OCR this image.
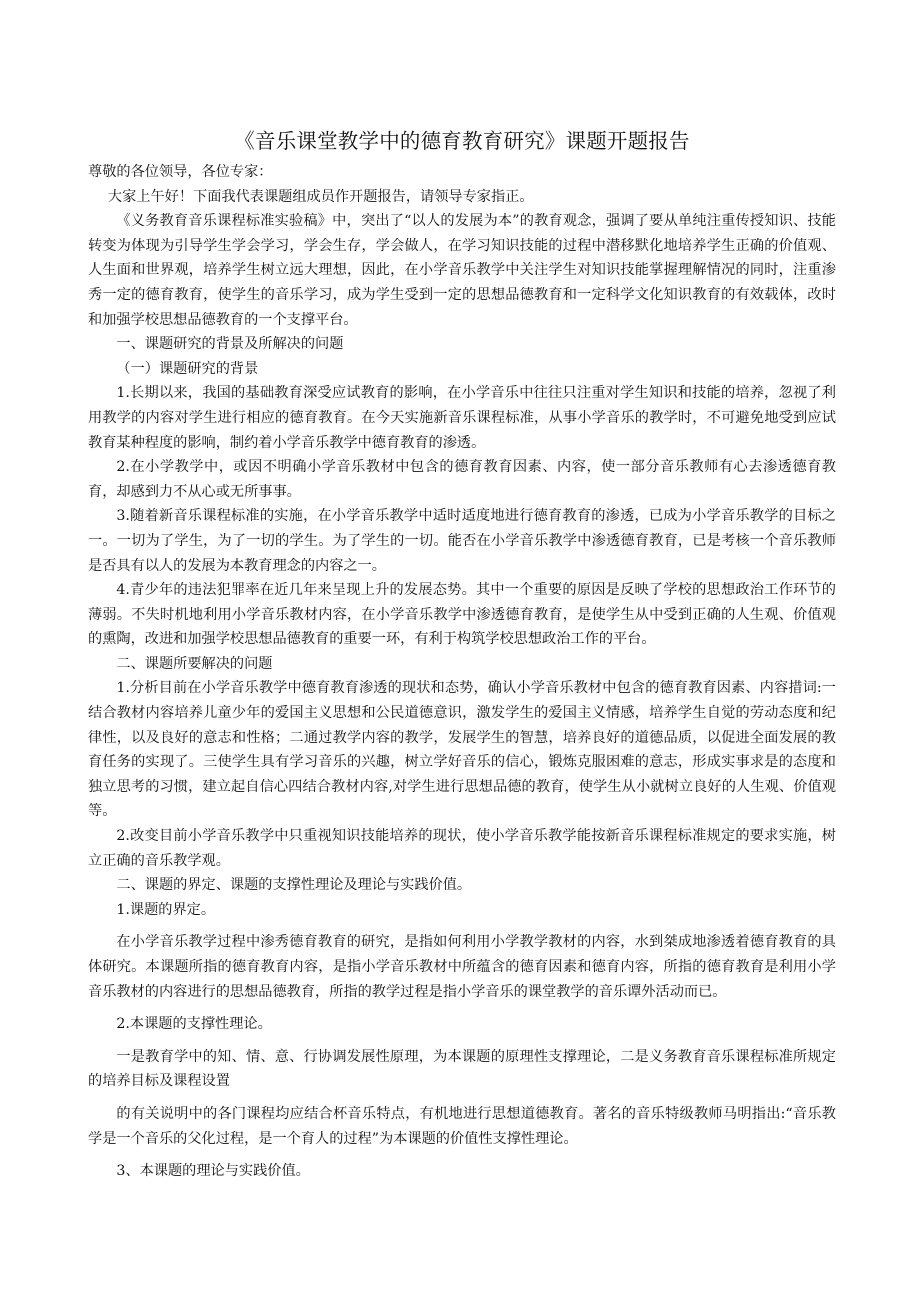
《音乐课堂教学中的德育教育研究》课题开题报告

尊敬的各位领导，各位专家：

大家上午好！下面我代表课题组成员作开题报告，请领导专家指正。

《义务教育音乐课程标准实验稿》中，突出了“以人的发展为本”的教育观念，强调了要从单纯注重传授知识、技能转变为体现为引导学生学会学习，学会生存，学会做人，在学习知识技能的过程中潜移默化地培养学生正确的价值观、人生面和世界观，培养学生树立远大理想，因此，在小学音乐教学中关注学生对知识技能掌握理解情况的同时，注重渗秀一定的德育教育，使学生的音乐学习，成为学生受到一定的思想品德教育和一定科学文化知识教育的有效载体，改时和加强学校思想品德教育的一个支撑平台。

一、课题研究的背景及所解决的问题

（一）课题研究的背景

1.长期以来，我国的基础教育深受应试教育的影响，在小学音乐中往往只注重对学生知识和技能的培养，忽视了利用教学的内容对学生进行相应的德育教育。在今天实施新音乐课程标准，从事小学音乐的教学时，不可避免地受到应试教育某种程度的影响，制约着小学音乐教学中德育教育的渗透。

2.在小学教学中，或因不明确小学音乐教材中包含的德育教育因素、内容，使一部分音乐教师有心去渗透德育教育，却感到力不从心或无所事事。

3.随着新音乐课程标准的实施，在小学音乐教学中适时适度地进行德育教育的渗透，已成为小学音乐教学的目标之一。一切为了学生，为了一切的学生。为了学生的一切。能否在小学音乐教学中渗透德育教育，已是考核一个音乐教师是否具有以人的发展为本教育理念的内容之一。

4.青少年的违法犯罪率在近几年来呈现上升的发展态势。其中一个重要的原因是反映了学校的思想政治工作环节的薄弱。不失时机地利用小学音乐教材内容，在小学音乐教学中渗透德育教育，是使学生从中受到正确的人生观、价值观的熏陶，改进和加强学校思想品德教育的重要一环，有利于构筑学校思想政治工作的平台。

二、课题所要解决的问题

1.分析目前在小学音乐教学中德育教育渗透的现状和态势，确认小学音乐教材中包含的德育教育因素、内容措词:一结合教材内容培养儿童少年的爱国主义思想和公民道德意识，激发学生的爱国主义情感，培养学生自觉的劳动态度和纪律性，以及良好的意志和性格；二通过教学内容的教学，发展学生的智慧，培养良好的道德品质，以促进全面发展的教育任务的实现了。三使学生具有学习音乐的兴趣，树立学好音乐的信心，锻炼克服困难的意志，形成实事求是的态度和独立思考的习惯，建立起自信心四结合教材内容,对学生进行思想品德的教育，使学生从小就树立良好的人生观、价值观等。

2.改变目前小学音乐教学中只重视知识技能培养的现状，使小学音乐教学能按新音乐课程标准规定的要求实施，树立正确的音乐教学观。

二、课题的界定、课题的支撑性理论及理论与实践价值。

1.课题的界定。

在小学音乐教学过程中渗秀德育教育的研究，是指如何利用小学教学教材的内容，水到桀成地渗透着德育教育的具体研究。本课题所指的德育教育内容，是指小学音乐教材中所蕴含的德育因素和德育内容，所指的德育教育是利用小学音乐教材的内容进行的思想品德教育，所指的教学过程是指小学音乐的课堂教学的音乐谭外活动而已。

2.本课题的支撑性理论。

一是教育学中的知、情、意、行协调发展性原理，为本课题的原理性支撑理论，二是义务教育音乐课程标准所规定的培养目标及课程设置

的有关说明中的各门课程均应结合杯音乐特点，有机地进行思想道德教育。著名的音乐特级教师马明指出:“音乐教学是一个音乐的父化过程，是一个育人的过程”为本课题的价值性支撑性理论。

3、本课题的理论与实践价值。
